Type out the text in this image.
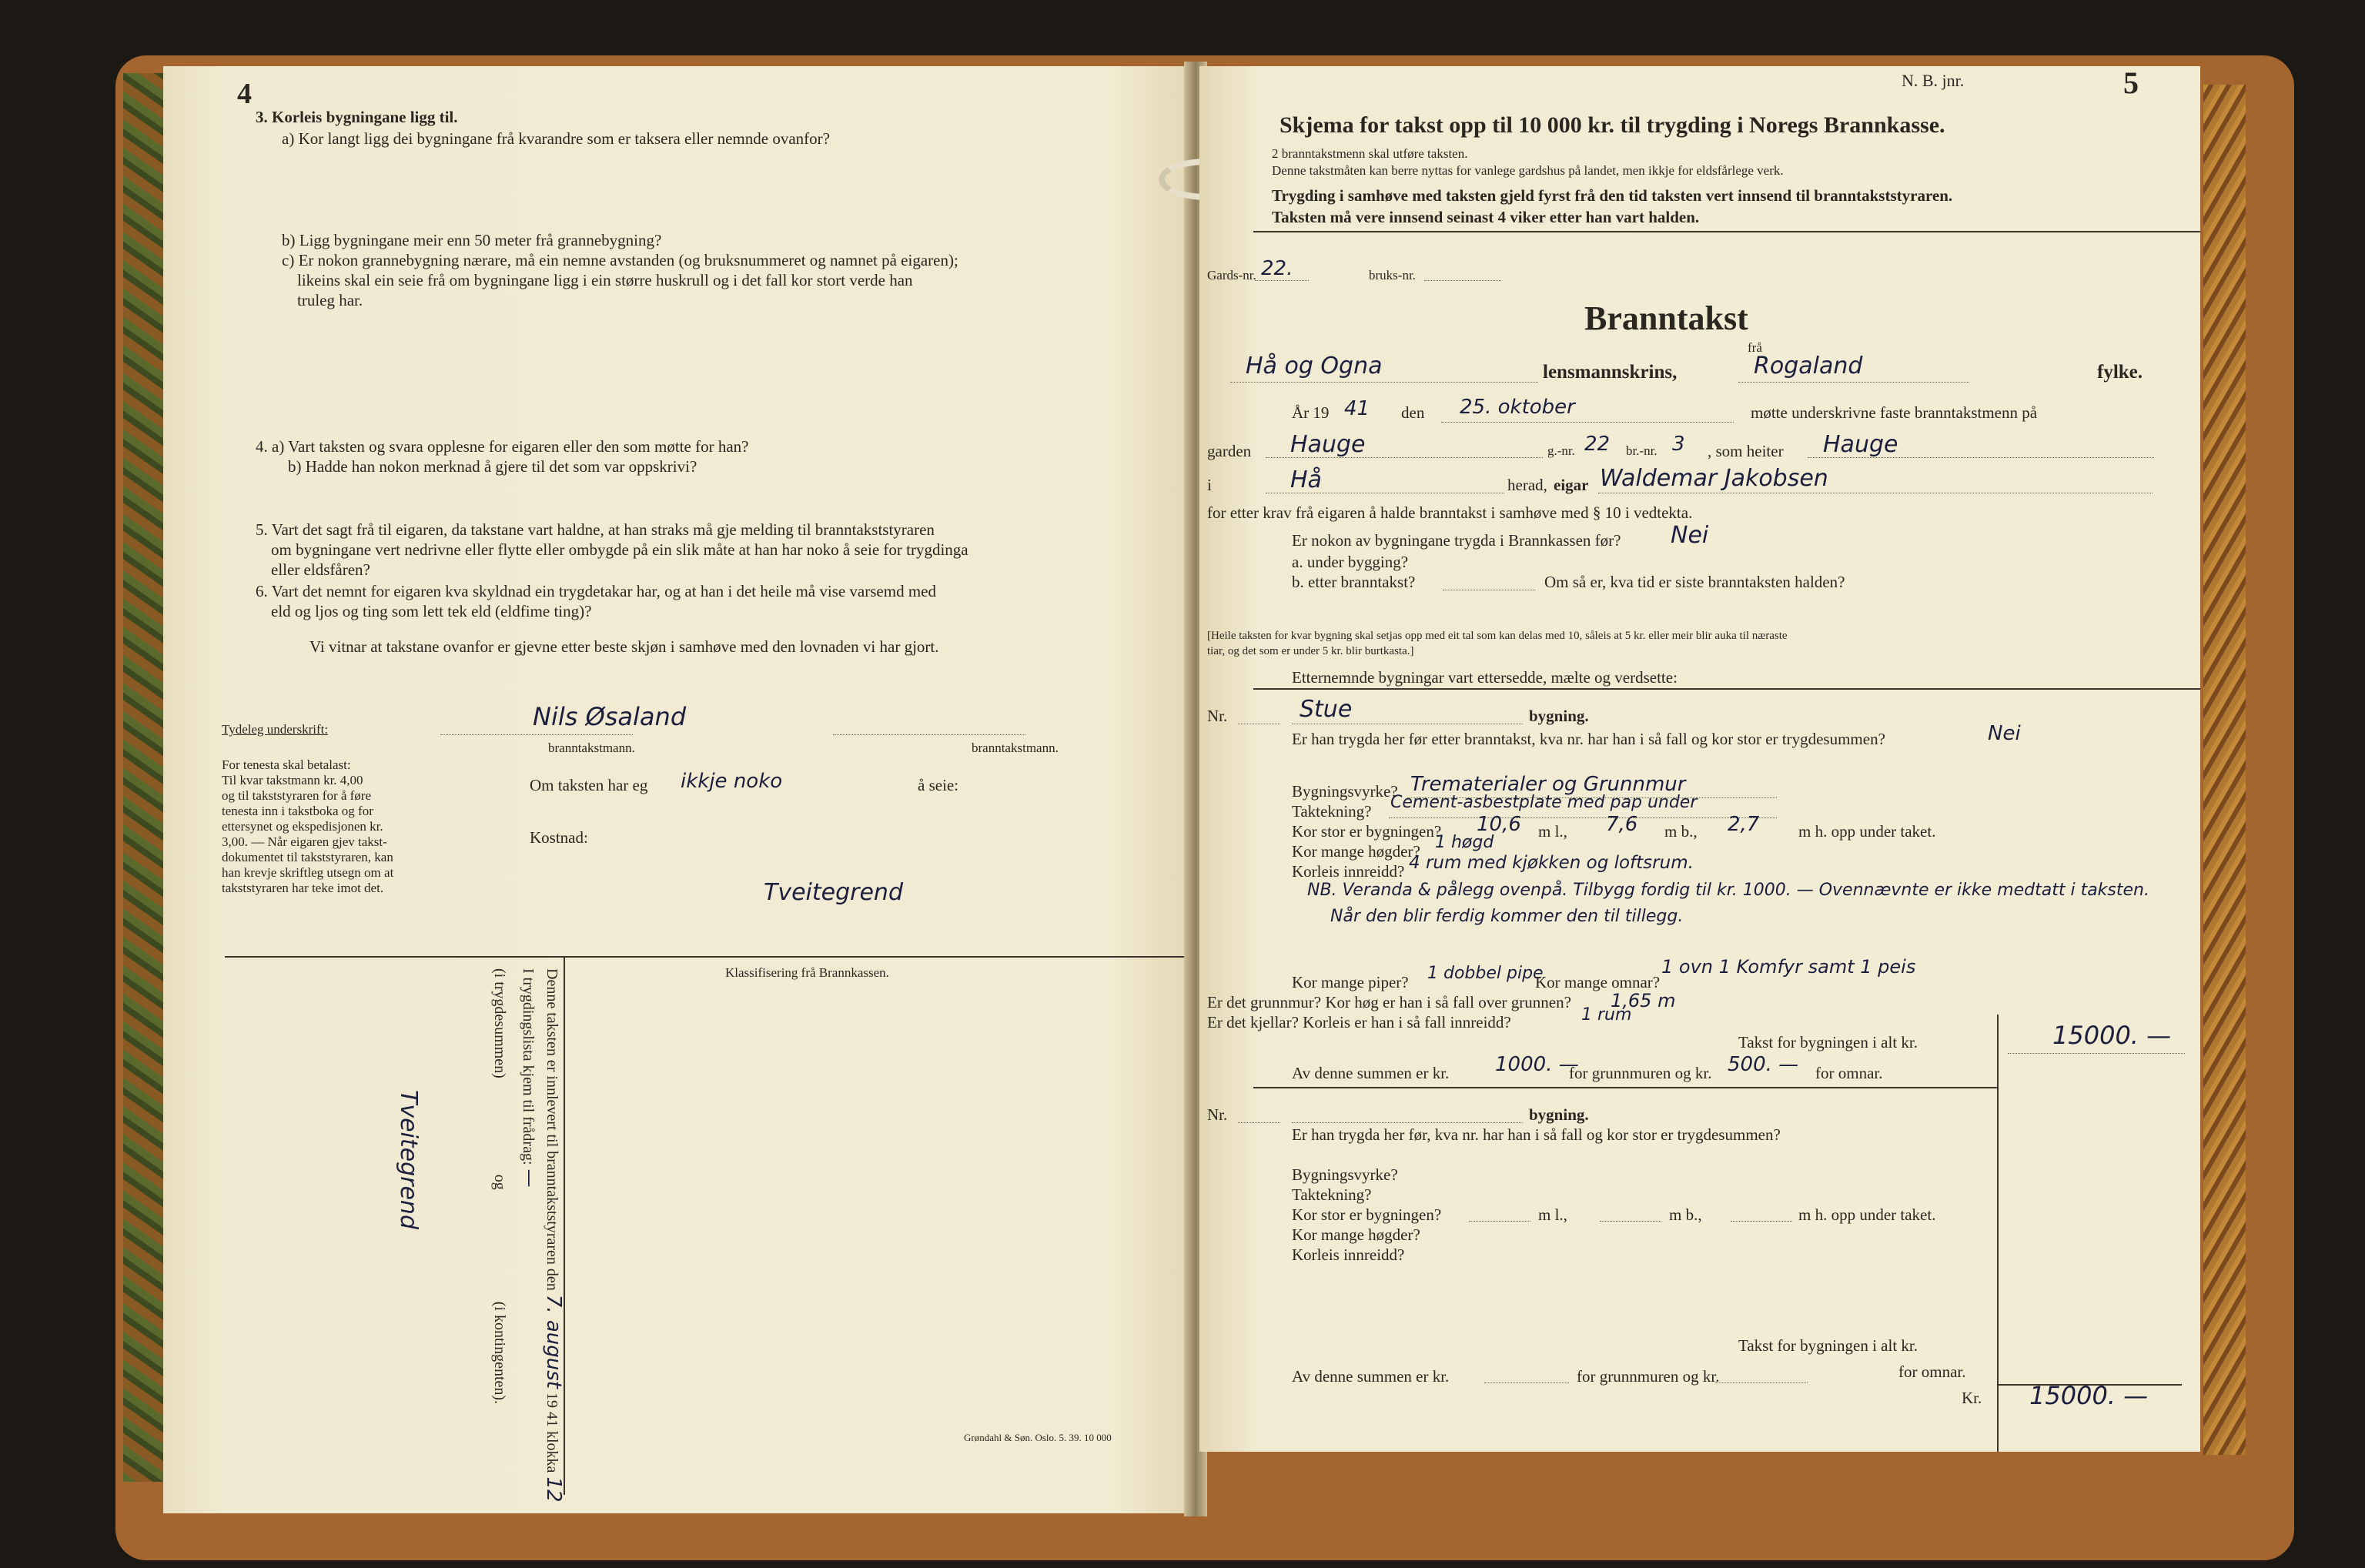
4
3. Korleis bygningane ligg til.
a) Kor langt ligg dei bygningane frå kvarandre som er taksera eller nemnde ovanfor?
b) Ligg bygningane meir enn 50 meter frå grannebygning?
c) Er nokon grannebygning nærare, må ein nemne avstanden (og bruksnummeret og namnet på eigaren);
likeins skal ein seie frå om bygningane ligg i ein større huskrull og i det fall kor stort verde han
truleg har.
4. a) Vart taksten og svara opplesne for eigaren eller den som møtte for han?
b) Hadde han nokon merknad å gjere til det som var oppskrivi?
5. Vart det sagt frå til eigaren, da takstane vart haldne, at han straks må gje melding til branntakststyraren
om bygningane vert nedrivne eller flytte eller ombygde på ein slik måte at han har noko å seie for trygdinga
eller eldsfåren?
6. Vart det nemnt for eigaren kva skyldnad ein trygdetakar har, og at han i det heile må vise varsemd med
eld og ljos og ting som lett tek eld (eldfime ting)?
Vi vitnar at takstane ovanfor er gjevne etter beste skjøn i samhøve med den lovnaden vi har gjort.
Tydeleg underskrift:	Nils Øsaland
branntakstmann.	branntakstmann.
For tenesta skal betalast:
Til kvar takstmann kr. 4,00
og til takststyraren for å føre
tenesta inn i takstboka og for
ettersynet og ekspedisjonen kr.
3,00. — Når eigaren gjev takst-
dokumentet til takststyraren, kan
han krevje skriftleg utsegn om at
takststyraren har teke imot det.
Om taksten har eg ikkje noko	å seie:
Kostnad:
Tveitegrend
Klassifisering frå Brannkassen.
Denne taksten er innlevert til branntakststyraren den 7. august 19 41 klokka 12
I trygdingslista kjem til frådrag: —
(i trygdesummen) og (i kontingenten).
Tveitegrend
Grøndahl & Søn. Oslo. 5. 39. 10 000
N. B. jnr.	5
Skjema for takst opp til 10 000 kr. til trygding i Noregs Brannkasse.
2 branntakstmenn skal utføre taksten.
Denne takstmåten kan berre nyttas for vanlege gardshus på landet, men ikkje for eldsfårlege verk.
Trygding i samhøve med taksten gjeld fyrst frå den tid taksten vert innsend til branntakststyraren.
Taksten må vere innsend seinast 4 viker etter han vart halden.
Gards-nr. 22.	bruks-nr.
Branntakst
frå
Hå og Ogna	lensmannskrins,	Rogaland	fylke.
År 19 41 den 25. oktober	møtte underskrivne faste branntakstmenn på
garden Hauge	g.-nr. 22 br.-nr. 3 , som heiter Hauge
i	Hå	herad, eigar Waldemar Jakobsen
for etter krav frå eigaren å halde branntakst i samhøve med § 10 i vedtekta.
Er nokon av bygningane trygda i Brannkassen før? Nei
a. under bygging?
b. etter branntakst?	Om så er, kva tid er siste branntaksten halden?
[Heile taksten for kvar bygning skal setjas opp med eit tal som kan delas med 10, såleis at 5 kr. eller meir blir auka til næraste
tiar, og det som er under 5 kr. blir burtkasta.]
Etternemnde bygningar vart ettersedde, mælte og verdsette:
Nr.	Stue	bygning.
Er han trygda her før etter branntakst, kva nr. har han i så fall og kor stor er trygdesummen?	Nei
Bygningsvyrke? Trematerialer og Grunnmur
Taktekning? Cement-asbestplate med pap under
Kor stor er bygningen? 10,6 m l., 7,6 m b., 2,7 m h. opp under taket.
Kor mange høgder? 1 høgd
Korleis innreidd? 4 rum med kjøkken og loftsrum.
NB. Veranda & pålegg ovenpå. Tilbygg fordig til kr. 1000. — Ovennævnte er ikke medtatt i taksten.
Når den blir ferdig kommer den til tillegg.
Kor mange piper? 1 dobbel pipe
Kor mange omnar?
1 ovn 1 Komfyr samt 1 peis
Er det grunnmur? Kor høg er han i så fall over grunnen? 1,65 m
Er det kjellar? Korleis er han i så fall innreidd?	1 rum
Takst for bygningen i alt kr.	15000. —
Av denne summen er kr. 1000. —
for grunnmuren og kr. 500. — for omnar.
Nr.	bygning.
Er han trygda her før, kva nr. har han i så fall og kor stor er trygdesummen?
Bygningsvyrke?
Taktekning?
Kor stor er bygningen?	m l.,	m b.,	m h. opp under taket.
Kor mange høgder?
Korleis innreidd?
Takst for bygningen i alt kr.
Av denne summen er kr.	for grunnmuren og kr.	for omnar.
Kr. 15000. —
